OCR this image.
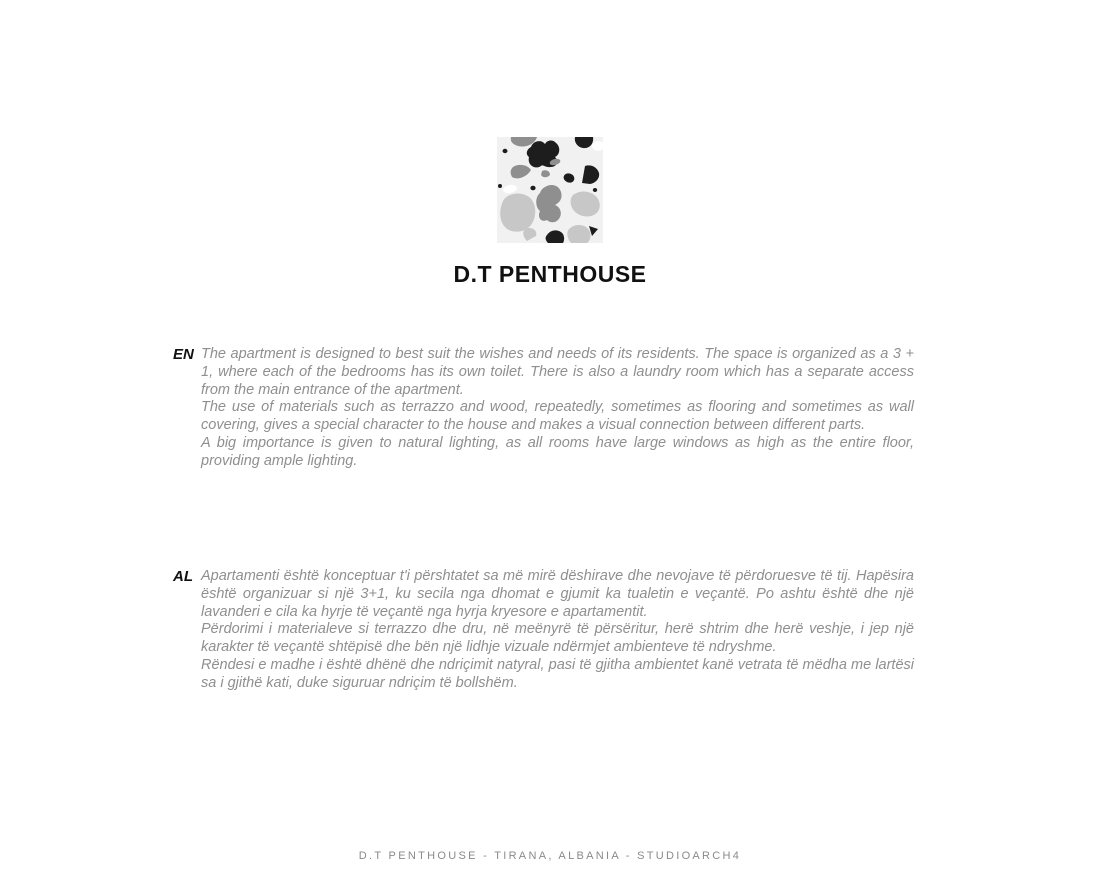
D.T PENTHOUSE
EN The apartment is designed to best suit the wishes and needs of its residents. The space is organized as a 3 + 1, where each of the bedrooms has its own toilet. There is also a laundry room which has a separate access from the main entrance of the apartment.

The use of materials such as terrazzo and wood, repeatedly, sometimes as flooring and sometimes as wall covering, gives a special character to the house and makes a visual connection between different parts.

A big importance is given to natural lighting, as all rooms have large windows as high as the entire floor, providing ample lighting.

AL Apartamenti është konceptuar t'i përshtatet sa më mirë dëshirave dhe nevojave të përdoruesve të tij. Hapësira është organizuar si një 3+1, ku secila nga dhomat e gjumit ka tualetin e veçantë. Po ashtu është dhe një lavanderi e cila ka hyrje të veçantë nga hyrja kryesore e apartamentit.

Përdorimi i materialeve si terrazzo dhe dru, në meënyrë të përsëritur, herë shtrim dhe herë veshje, i jep një karakter të veçantë shtëpisë dhe bën një lidhje vizuale ndërmjet ambienteve të ndryshme.

Rëndesi e madhe i është dhënë dhe ndriçimit natyral, pasi të gjitha ambientet kanë vetrata të mëdha me lartësi sa i gjithë kati, duke siguruar ndriçim të bollshëm.

D.T PENTHOUSE - TIRANA, ALBANIA - STUDIOARCH4
